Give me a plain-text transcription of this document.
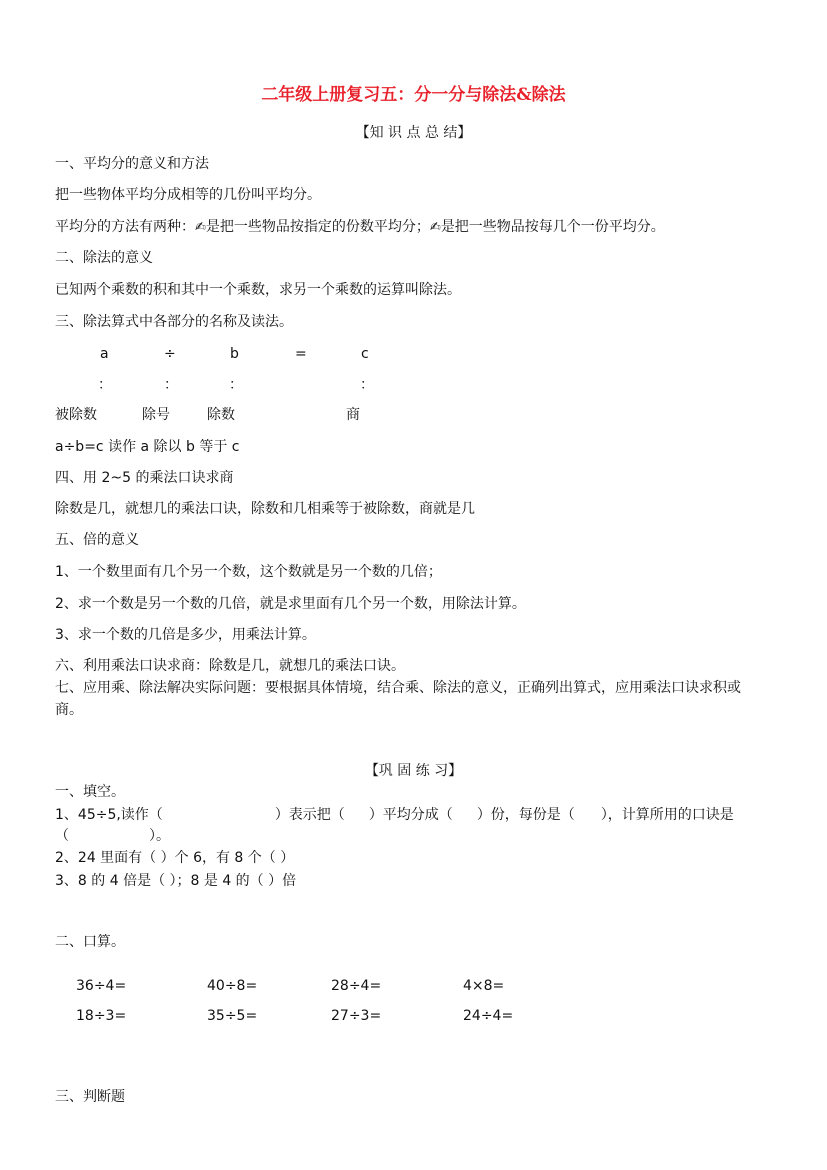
二年级上册复习五：分一分与除法&除法
【知 识 点 总 结】
一、平均分的意义和方法
把一些物体平均分成相等的几份叫平均分。
平均分的方法有两种：✍是把一些物品按指定的份数平均分；✍是把一些物品按每几个一份平均分。
二、除法的意义
已知两个乘数的积和其中一个乘数，求另一个乘数的运算叫除法。
三、除法算式中各部分的名称及读法。
a	÷	b	=	c
：	：	：	：
被除数	除号	除数	商
a÷b=c 读作 a 除以 b 等于 c
四、用 2~5 的乘法口诀求商
除数是几，就想几的乘法口诀，除数和几相乘等于被除数，商就是几
五、倍的意义
1、一个数里面有几个另一个数，这个数就是另一个数的几倍；
2、求一个数是另一个数的几倍，就是求里面有几个另一个数，用除法计算。
3、求一个数的几倍是多少，用乘法计算。
六、利用乘法口诀求商：除数是几，就想几的乘法口诀。
七、应用乘、除法解决实际问题：要根据具体情境，结合乘、除法的意义，正确列出算式，应用乘法口诀求积或
商。
【巩 固 练 习】
一、填空。
1、45÷5,读作（	）表示把（ ）平均分成（ ）份，每份是（ ），计算所用的口诀是
（	）。
2、24 里面有（ ）个 6，有 8 个（ ）
3、8 的 4 倍是（ ）；8 是 4 的（ ）倍
二、口算。
36÷4=	40÷8=	28÷4=	4×8=
18÷3=	35÷5=	27÷3=	24÷4=
三、判断题
